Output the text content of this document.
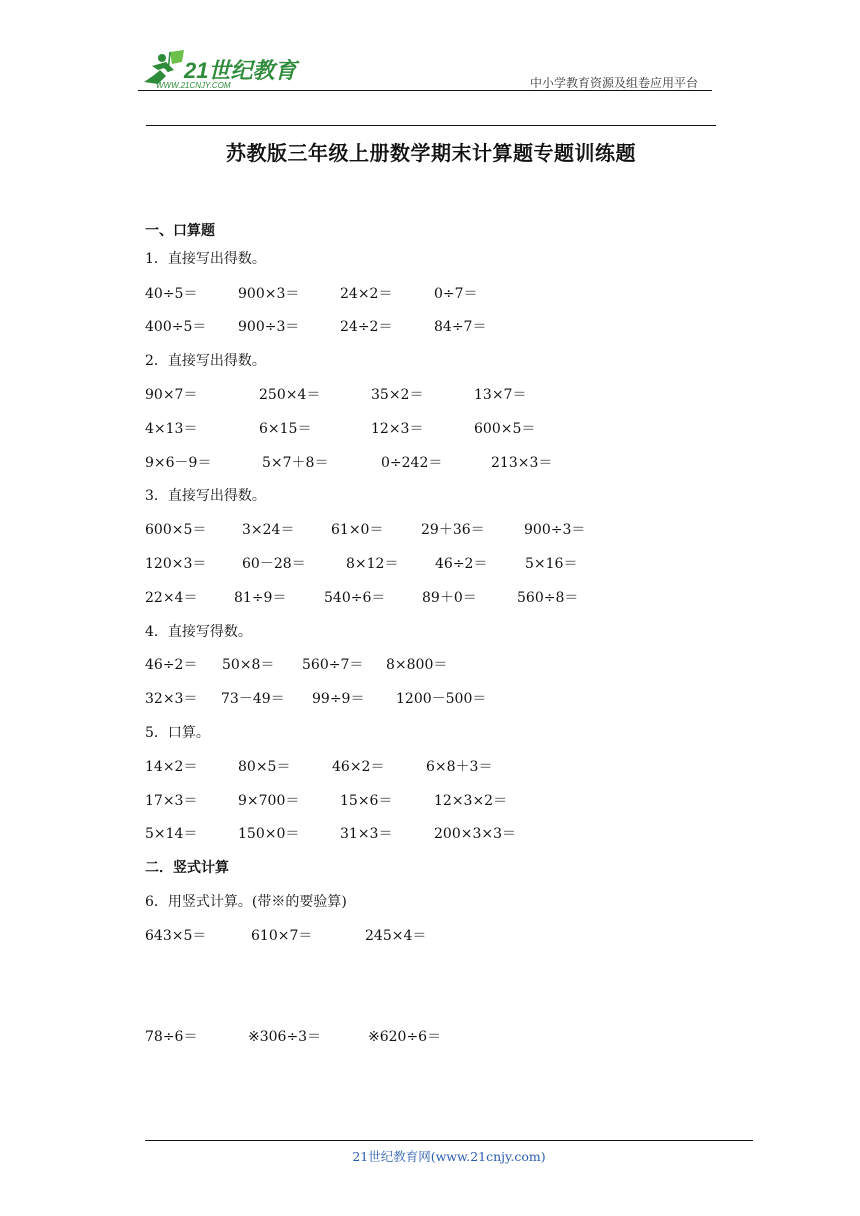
21世纪教育
WWW.21CNJY.COM	中小学教育资源及组卷应用平台
苏教版三年级上册数学期末计算题专题训练题
一、口算题
1．直接写出得数。
40÷5＝	900×3＝	24×2＝	0÷7＝
400÷5＝ 900÷3＝	24÷2＝	84÷7＝
2．直接写出得数。
90×7＝	250×4＝	35×2＝	13×7＝
4×13＝	6×15＝	12×3＝	600×5＝
9×6－9＝	5×7＋8＝	0÷242＝	213×3＝
3．直接写出得数。
600×5＝	3×24＝	61×0＝	29＋36＝	900÷3＝
120×3＝	60－28＝	8×12＝	46÷2＝	5×16＝
22×4＝	81÷9＝	540÷6＝	89＋0＝	560÷8＝
4．直接写得数。
46÷2＝ 50×8＝ 560÷7＝ 8×800＝
32×3＝ 73－49＝ 99÷9＝ 1200－500＝
5．口算。
14×2＝	80×5＝	46×2＝	6×8＋3＝
17×3＝	9×700＝	15×6＝	12×3×2＝
5×14＝	150×0＝	31×3＝	200×3×3＝
二．竖式计算
6．用竖式计算。(带※的要验算)
643×5＝	610×7＝	245×4＝
78÷6＝	※306÷3＝	※620÷6＝
21世纪教育网(www.21cnjy.com)
